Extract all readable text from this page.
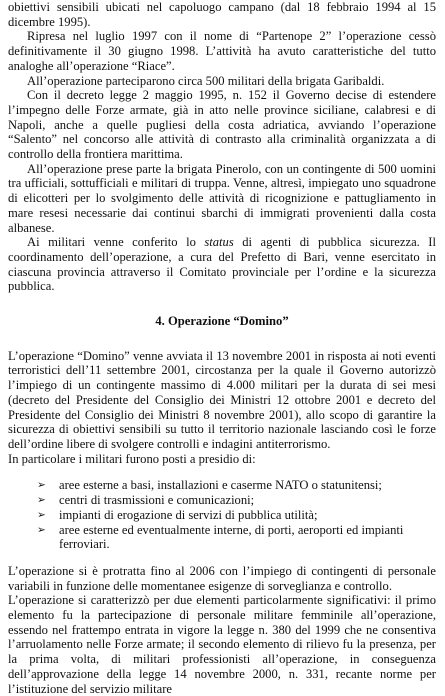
obiettivi sensibili ubicati nel capoluogo campano (dal 18 febbraio 1994 al 15 dicembre 1995).

Ripresa nel luglio 1997 con il nome di “Partenope 2” l’operazione cessò definitivamente il 30 giugno 1998. L’attività ha avuto caratteristiche del tutto analoghe all’operazione “Riace”.

All’operazione parteciparono circa 500 militari della brigata Garibaldi.

Con il decreto legge 2 maggio 1995, n. 152 il Governo decise di estendere l’impegno delle Forze armate, già in atto nelle province siciliane, calabresi e di Napoli, anche a quelle pugliesi della costa adriatica, avviando l’operazione “Salento” nel concorso alle attività di contrasto alla criminalità organizzata a di controllo della frontiera marittima.

All’operazione prese parte la brigata Pinerolo, con un contingente di 500 uomini tra ufficiali, sottufficiali e militari di truppa. Venne, altresì, impiegato uno squadrone di elicotteri per lo svolgimento delle attività di ricognizione e pattugliamento in mare resesi necessarie dai continui sbarchi di immigrati provenienti dalla costa albanese.

Ai militari venne conferito lo status di agenti di pubblica sicurezza. Il coordinamento dell’operazione, a cura del Prefetto di Bari, venne esercitato in ciascuna provincia attraverso il Comitato provinciale per l’ordine e la sicurezza pubblica.

4. Operazione “Domino”

L’operazione “Domino” venne avviata il 13 novembre 2001 in risposta ai noti eventi terroristici dell’11 settembre 2001, circostanza per la quale il Governo autorizzò l’impiego di un contingente massimo di 4.000 militari per la durata di sei mesi (decreto del Presidente del Consiglio dei Ministri 12 ottobre 2001 e decreto del Presidente del Consiglio dei Ministri 8 novembre 2001), allo scopo di garantire la sicurezza di obiettivi sensibili su tutto il territorio nazionale lasciando così le forze dell’ordine libere di svolgere controlli e indagini antiterrorismo.

In particolare i militari furono posti a presidio di:

➢ aree esterne a basi, installazioni e caserme NATO o statunitensi;
➢ centri di trasmissioni e comunicazioni;
➢ impianti di erogazione di servizi di pubblica utilità;
➢ aree esterne ed eventualmente interne, di porti, aeroporti ed impianti ferroviari.

L’operazione si è protratta fino al 2006 con l’impiego di contingenti di personale variabili in funzione delle momentanee esigenze di sorveglianza e controllo.

L’operazione si caratterizzò per due elementi particolarmente significativi: il primo elemento fu la partecipazione di personale militare femminile all’operazione, essendo nel frattempo entrata in vigore la legge n. 380 del 1999 che ne consentiva l’arruolamento nelle Forze armate; il secondo elemento di rilievo fu la presenza, per la prima volta, di militari professionisti all’operazione, in conseguenza dell’approvazione della legge 14 novembre 2000, n. 331, recante norme per l’istituzione del servizio militare
